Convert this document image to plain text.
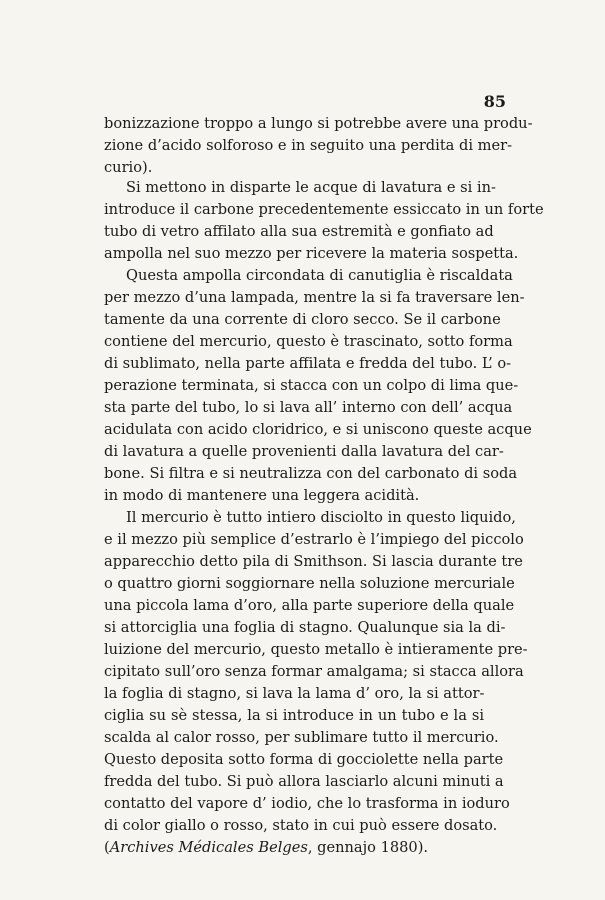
85
bonizzazione troppo a lungo si potrebbe avere una produ-
zione d’acido solforoso e in seguito una perdita di mer-
curio).
Si mettono in disparte le acque di lavatura e si in-
introduce il carbone precedentemente essiccato in un forte
tubo di vetro affilato alla sua estremità e gonfiato ad
ampolla nel suo mezzo per ricevere la materia sospetta.
Questa ampolla circondata di canutiglia è riscaldata
per mezzo d’una lampada, mentre la si fa traversare len-
tamente da una corrente di cloro secco. Se il carbone
contiene del mercurio, questo è trascinato, sotto forma
di sublimato, nella parte affilata e fredda del tubo. L’ o-
perazione terminata, si stacca con un colpo di lima que-
sta parte del tubo, lo si lava all’ interno con dell’ acqua
acidulata con acido cloridrico, e si uniscono queste acque
di lavatura a quelle provenienti dalla lavatura del car-
bone. Si filtra e si neutralizza con del carbonato di soda
in modo di mantenere una leggera acidità.
Il mercurio è tutto intiero disciolto in questo liquido,
e il mezzo più semplice d’estrarlo è l’impiego del piccolo
apparecchio detto pila di Smithson. Si lascia durante tre
o quattro giorni soggiornare nella soluzione mercuriale
una piccola lama d’oro, alla parte superiore della quale
si attorciglia una foglia di stagno. Qualunque sia la di-
luizione del mercurio, questo metallo è intieramente pre-
cipitato sull’oro senza formar amalgama; si stacca allora
la foglia di stagno, si lava la lama d’ oro, la si attor-
ciglia su sè stessa, la si introduce in un tubo e la si
scalda al calor rosso, per sublimare tutto il mercurio.
Questo deposita sotto forma di gocciolette nella parte
fredda del tubo. Si può allora lasciarlo alcuni minuti a
contatto del vapore d’ iodio, che lo trasforma in ioduro
di color giallo o rosso, stato in cui può essere dosato.
(Archives Médicales Belges, gennajo 1880).
